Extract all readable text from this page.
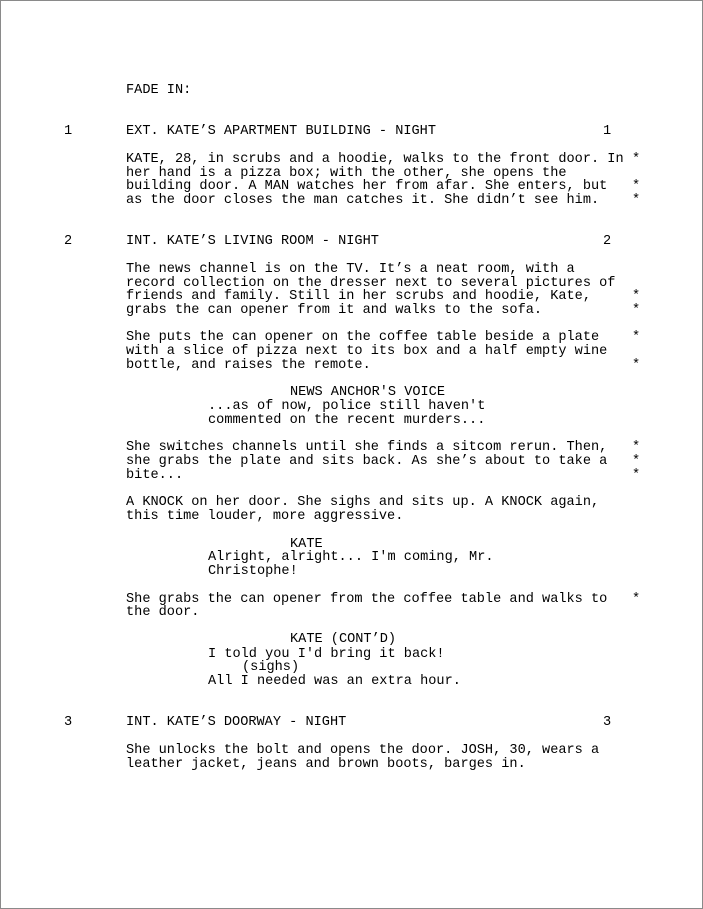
FADE IN:
1	EXT. KATE’S APARTMENT BUILDING - NIGHT	1
KATE, 28, in scrubs and a hoodie, walks to the front door. In
her hand is a pizza box; with the other, she opens the
building door. A MAN watches her from afar. She enters, but
as the door closes the man catches it. She didn’t see him.
*
*
*
2	INT. KATE’S LIVING ROOM - NIGHT	2
The news channel is on the TV. It’s a neat room, with a
record collection on the dresser next to several pictures of
friends and family. Still in her scrubs and hoodie, Kate,
grabs the can opener from it and walks to the sofa.
*
*
She puts the can opener on the coffee table beside a plate
with a slice of pizza next to its box and a half empty wine
bottle, and raises the remote.
*
*
NEWS ANCHOR'S VOICE
...as of now, police still haven't
commented on the recent murders...
She switches channels until she finds a sitcom rerun. Then,
she grabs the plate and sits back. As she’s about to take a
bite...
*
*
*
A KNOCK on her door. She sighs and sits up. A KNOCK again,
this time louder, more aggressive.
KATE
Alright, alright... I'm coming, Mr.
Christophe!
She grabs the can opener from the coffee table and walks to
the door.
*
KATE (CONT’D)
I told you I'd bring it back!
(sighs)
All I needed was an extra hour.
3	INT. KATE’S DOORWAY - NIGHT	3
She unlocks the bolt and opens the door. JOSH, 30, wears a
leather jacket, jeans and brown boots, barges in.
